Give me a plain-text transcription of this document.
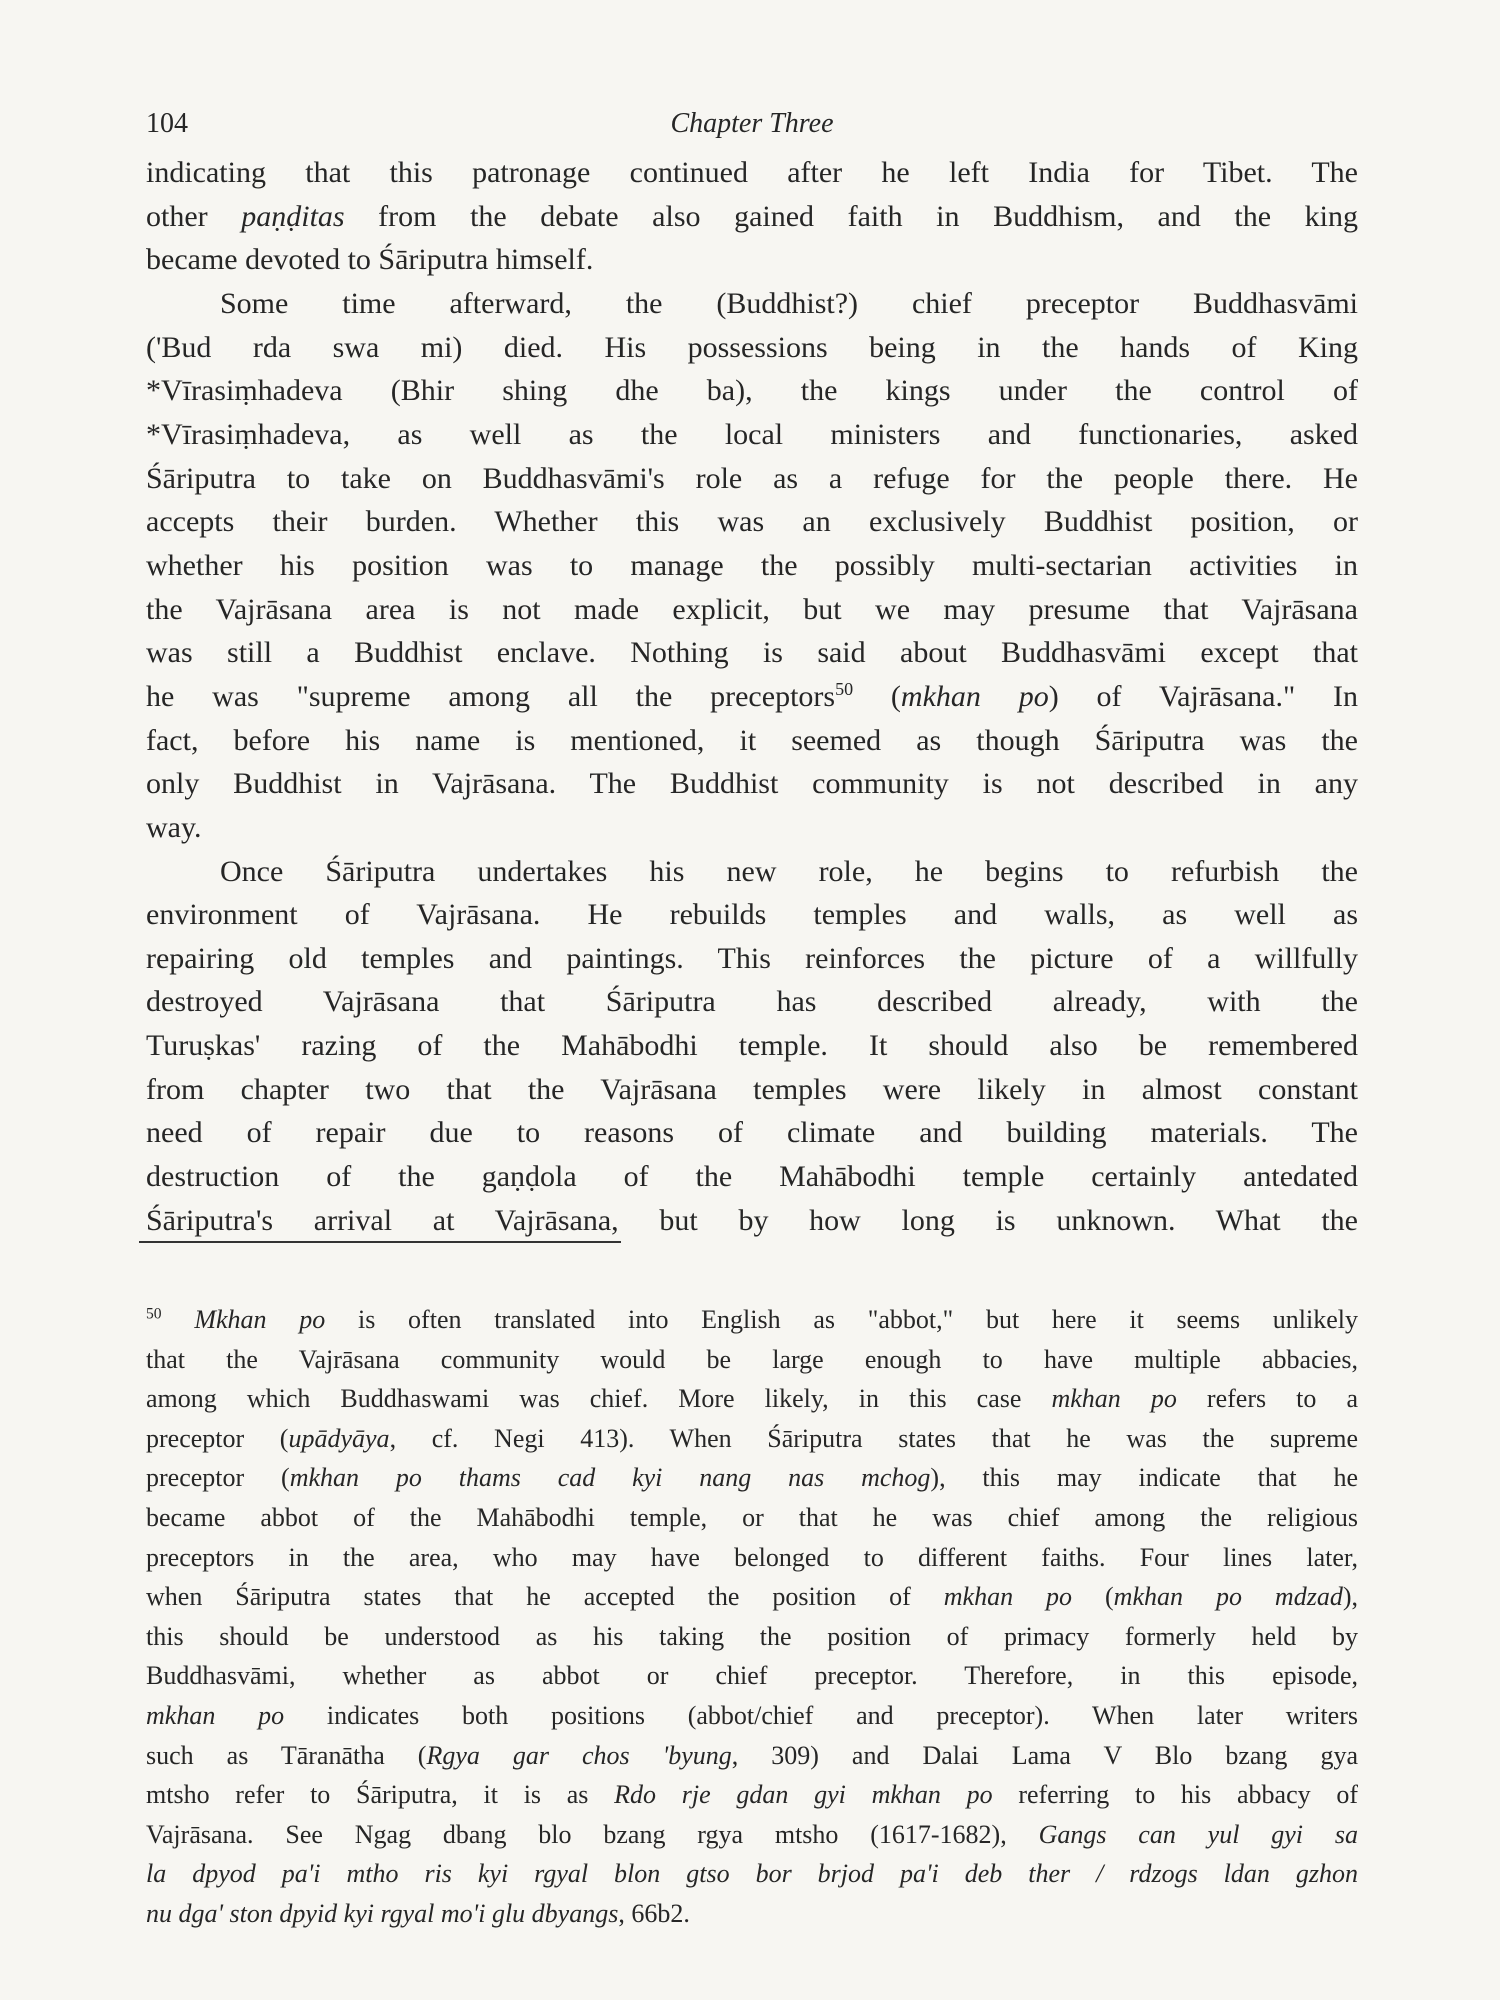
104	Chapter Three
indicating that this patronage continued after he left India for Tibet. The
other paṇḍitas from the debate also gained faith in Buddhism, and the king
became devoted to Śāriputra himself.
Some time afterward, the (Buddhist?) chief preceptor Buddhasvāmi
('Bud rda swa mi) died. His possessions being in the hands of King
*Vīrasiṃhadeva (Bhir shing dhe ba), the kings under the control of
*Vīrasiṃhadeva, as well as the local ministers and functionaries, asked
Śāriputra to take on Buddhasvāmi's role as a refuge for the people there. He
accepts their burden. Whether this was an exclusively Buddhist position, or
whether his position was to manage the possibly multi-sectarian activities in
the Vajrāsana area is not made explicit, but we may presume that Vajrāsana
was still a Buddhist enclave. Nothing is said about Buddhasvāmi except that
he was "supreme among all the preceptors$^{50}$ (mkhan po) of Vajrāsana." In
fact, before his name is mentioned, it seemed as though Śāriputra was the
only Buddhist in Vajrāsana. The Buddhist community is not described in any
way.
Once Śāriputra undertakes his new role, he begins to refurbish the
environment of Vajrāsana. He rebuilds temples and walls, as well as
repairing old temples and paintings. This reinforces the picture of a willfully
destroyed Vajrāsana that Śāriputra has described already, with the
Turuṣkas' razing of the Mahābodhi temple. It should also be remembered
from chapter two that the Vajrāsana temples were likely in almost constant
need of repair due to reasons of climate and building materials. The
destruction of the gaṇḍola of the Mahābodhi temple certainly antedated
Śāriputra's arrival at Vajrāsana, but by how long is unknown. What the
$^{50}$ Mkhan po is often translated into English as "abbot," but here it seems unlikely
that the Vajrāsana community would be large enough to have multiple abbacies,
among which Buddhaswami was chief. More likely, in this case mkhan po refers to a
preceptor (upādyāya, cf. Negi 413). When Śāriputra states that he was the supreme
preceptor (mkhan po thams cad kyi nang nas mchog), this may indicate that he
became abbot of the Mahābodhi temple, or that he was chief among the religious
preceptors in the area, who may have belonged to different faiths. Four lines later,
when Śāriputra states that he accepted the position of mkhan po (mkhan po mdzad),
this should be understood as his taking the position of primacy formerly held by
Buddhasvāmi, whether as abbot or chief preceptor. Therefore, in this episode,
mkhan po indicates both positions (abbot/chief and preceptor). When later writers
such as Tāranātha (Rgya gar chos 'byung, 309) and Dalai Lama V Blo bzang gya
mtsho refer to Śāriputra, it is as Rdo rje gdan gyi mkhan po referring to his abbacy of
Vajrāsana. See Ngag dbang blo bzang rgya mtsho (1617-1682), Gangs can yul gyi sa
la dpyod pa'i mtho ris kyi rgyal blon gtso bor brjod pa'i deb ther / rdzogs ldan gzhon
nu dga' ston dpyid kyi rgyal mo'i glu dbyangs, 66b2.
